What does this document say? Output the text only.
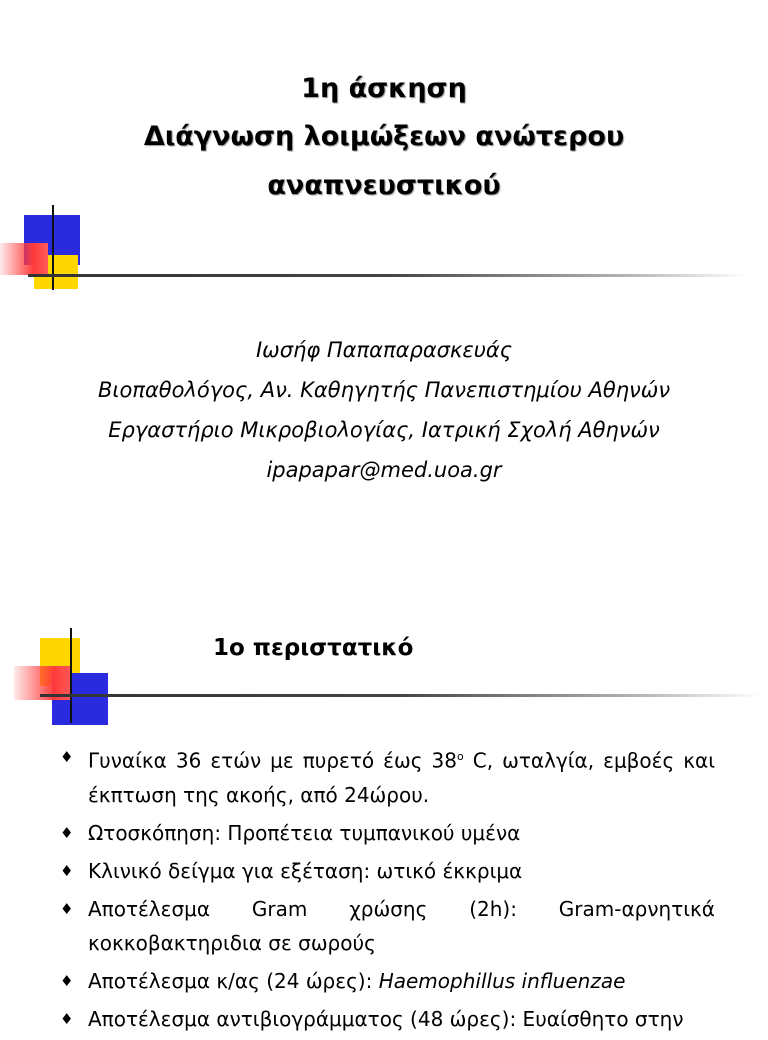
1η άσκηση
Διάγνωση λοιμώξεων ανώτερου
αναπνευστικού
Ιωσήφ Παπαπαρασκευάς
Βιοπαθολόγος, Αν. Καθηγητής Πανεπιστημίου Αθηνών
Εργαστήριο Μικροβιολογίας, Ιατρική Σχολή Αθηνών
ipapapar@med.uoa.gr
1ο περιστατικό
♦ Γυναίκα 36 ετών με πυρετό έως $38^o$ C, ωταλγία, εμβοές και έκπτωση της ακοής, από 24ώρου.
♦ Ωτοσκόπηση: Προπέτεια τυμπανικού υμένα
♦ Κλινικό δείγμα για εξέταση: ωτικό έκκριμα
♦ Αποτέλεσμα Gram χρώσης (2h): Gram-αρνητικά κοκκοβακτηριδια σε σωρούς
♦ Αποτέλεσμα κ/ας (24 ώρες): Haemophillus influenzae
♦ Αποτέλεσμα αντιβιογράμματος (48 ώρες): Ευαίσθητο στην
